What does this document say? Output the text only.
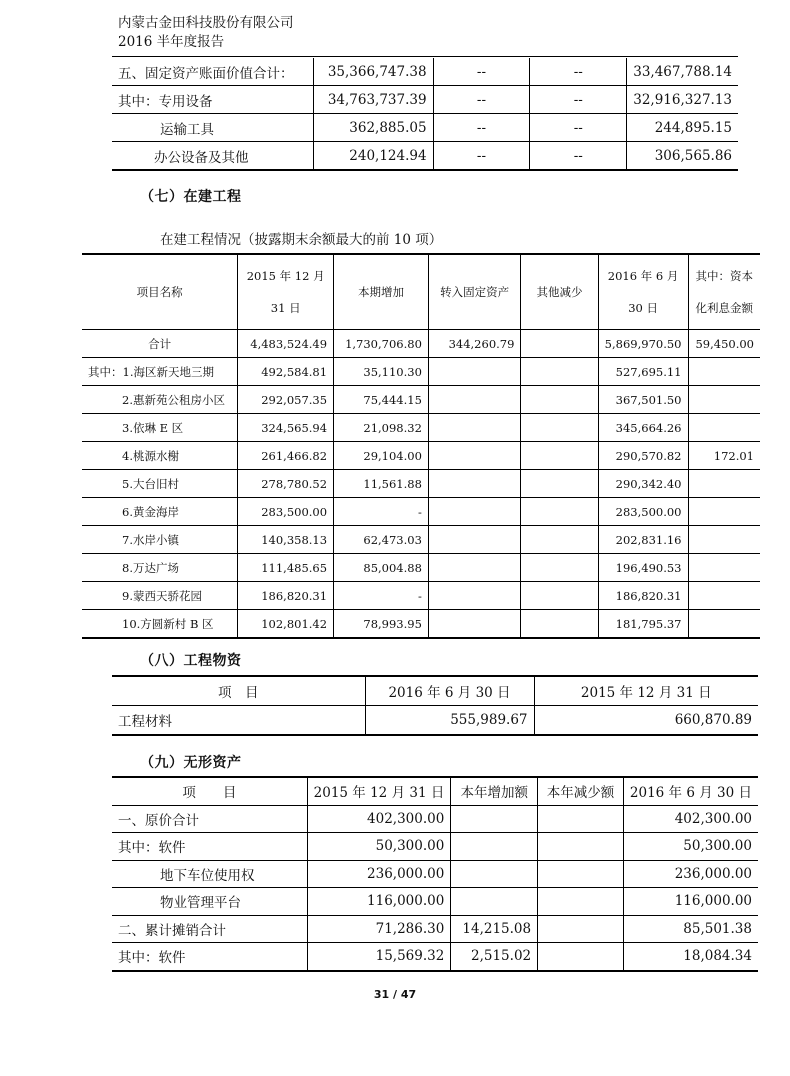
内蒙古金田科技股份有限公司
2016 半年度报告
五、固定资产账面价值合计：	35,366,747.38	--	--	33,467,788.14
其中：专用设备	34,763,737.39	--	--	32,916,327.13
运输工具	362,885.05	--	--	244,895.15
办公设备及其他	240,124.94	--	--	306,565.86
（七）在建工程
在建工程情况（披露期末余额最大的前 10 项）
项目名称	2015 年 12 月 31 日	本期增加	转入固定资产	其他减少	2016 年 6 月 30 日	其中：资本化利息金额
合计	4,483,524.49	1,730,706.80	344,260.79		5,869,970.50	59,450.00
其中：1.海区新天地三期	492,584.81	35,110.30			527,695.11	
2.惠新苑公租房小区	292,057.35	75,444.15			367,501.50	
3.依琳 E 区	324,565.94	21,098.32			345,664.26	
4.桃源水榭	261,466.82	29,104.00			290,570.82	172.01
5.大台旧村	278,780.52	11,561.88			290,342.40	
6.黄金海岸	283,500.00	-			283,500.00	
7.水岸小镇	140,358.13	62,473.03			202,831.16	
8.万达广场	111,485.65	85,004.88			196,490.53	
9.蒙西天骄花园	186,820.31	-			186,820.31	
10.方圆新村 B 区	102,801.42	78,993.95			181,795.37	
（八）工程物资
项　目	2016 年 6 月 30 日	2015 年 12 月 31 日
工程材料	555,989.67	660,870.89
（九）无形资产
项　　目	2015 年 12 月 31 日	本年增加额	本年减少额	2016 年 6 月 30 日
一、原价合计	402,300.00			402,300.00
其中：软件	50,300.00			50,300.00
地下车位使用权	236,000.00			236,000.00
物业管理平台	116,000.00			116,000.00
二、累计摊销合计	71,286.30	14,215.08		85,501.38
其中：软件	15,569.32	2,515.02		18,084.34
31 / 47
